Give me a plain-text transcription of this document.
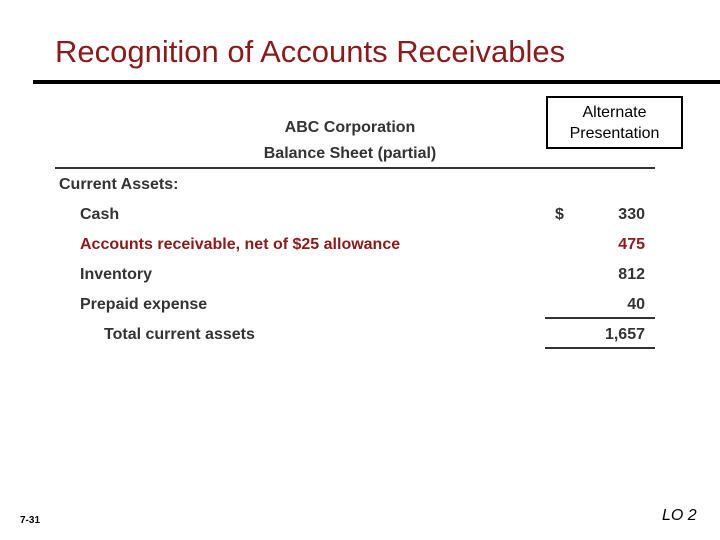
Recognition of Accounts Receivables
Alternate
Presentation
ABC Corporation
Balance Sheet (partial)
Current Assets:
Cash	$	330
Accounts receivable, net of $25 allowance	475
Inventory	812
Prepaid expense	40
Total current assets	1,657
7-31	LO 2
